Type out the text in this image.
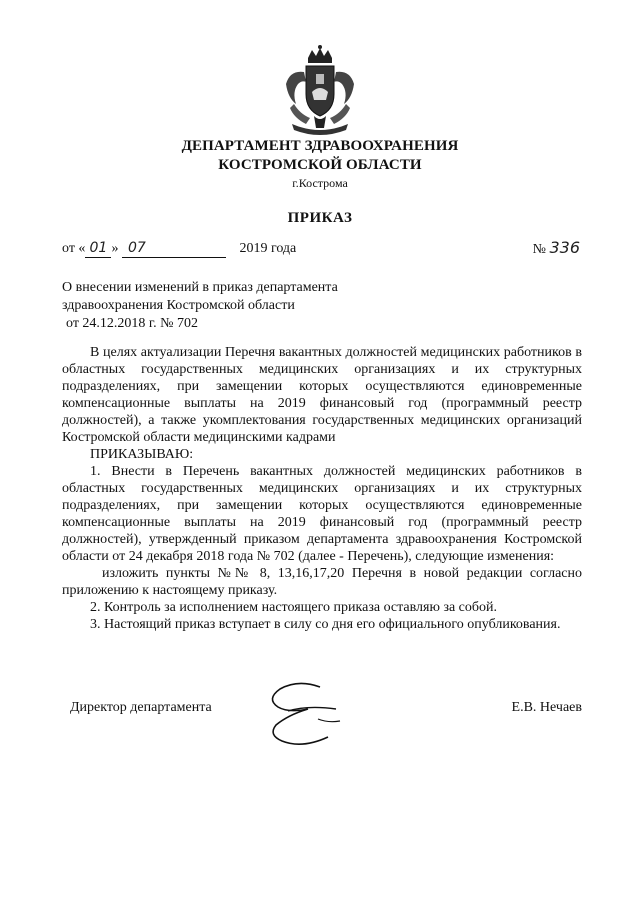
ДЕПАРТАМЕНТ ЗДРАВООХРАНЕНИЯ
КОСТРОМСКОЙ ОБЛАСТИ
г.Кострома
ПРИКАЗ
от « 01 » 07	2019 года	№ 336
О внесении изменений в приказ департамента
здравоохранения Костромской области
от 24.12.2018 г. № 702

В целях актуализации Перечня вакантных должностей медицинских работников в областных государственных медицинских организациях и их структурных подразделениях, при замещении которых осуществляются единовременные компенсационные выплаты на 2019 финансовый год (программный реестр должностей), а также укомплектования государственных медицинских организаций Костромской области медицинскими кадрами

ПРИКАЗЫВАЮ:

1. Внести в Перечень вакантных должностей медицинских работников в областных государственных медицинских организациях и их структурных подразделениях, при замещении которых осуществляются единовременные компенсационные выплаты на 2019 финансовый год (программный реестр должностей), утвержденный приказом департамента здравоохранения Костромской области от 24 декабря 2018 года № 702 (далее - Перечень), следующие изменения:

изложить пункты №№ 8, 13,16,17,20 Перечня в новой редакции согласно приложению к настоящему приказу.

2. Контроль за исполнением настоящего приказа оставляю за собой.

3. Настоящий приказ вступает в силу со дня его официального опубликования.

Директор департамента	Е.В. Нечаев
